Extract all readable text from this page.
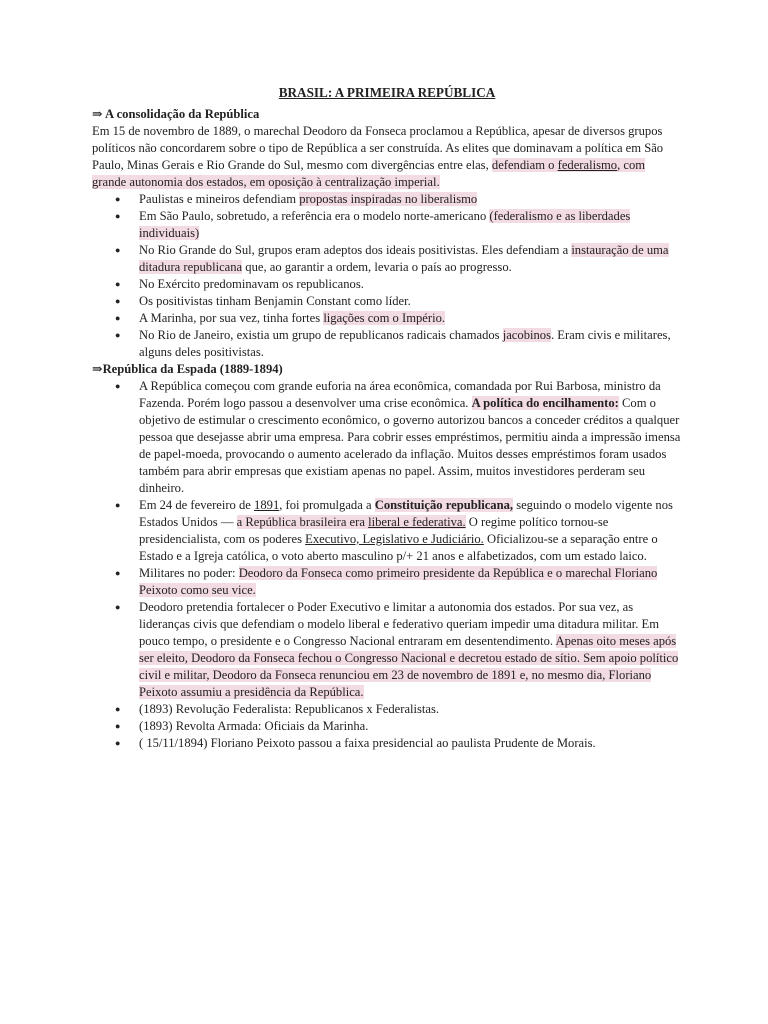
BRASIL: A PRIMEIRA REPÚBLICA
⇒ A consolidação da República

Em 15 de novembro de 1889, o marechal Deodoro da Fonseca proclamou a República, apesar de diversos grupos políticos não concordarem sobre o tipo de República a ser construída. As elites que dominavam a política em São Paulo, Minas Gerais e Rio Grande do Sul, mesmo com divergências entre elas, defendiam o federalismo, com grande autonomia dos estados, em oposição à centralização imperial.

● Paulistas e mineiros defendiam propostas inspiradas no liberalismo
● Em São Paulo, sobretudo, a referência era o modelo norte-americano (federalismo e as liberdades individuais)
● No Rio Grande do Sul, grupos eram adeptos dos ideais positivistas. Eles defendiam a instauração de uma ditadura republicana que, ao garantir a ordem, levaria o país ao progresso.
● No Exército predominavam os republicanos.
● Os positivistas tinham Benjamin Constant como líder.
● A Marinha, por sua vez, tinha fortes ligações com o Império.
● No Rio de Janeiro, existia um grupo de republicanos radicais chamados jacobinos. Eram civis e militares, alguns deles positivistas.
⇒República da Espada (1889-1894)
● A República começou com grande euforia na área econômica, comandada por Rui Barbosa, ministro da Fazenda. Porém logo passou a desenvolver uma crise econômica. A política do encilhamento: Com o objetivo de estimular o crescimento econômico, o governo autorizou bancos a conceder créditos a qualquer pessoa que desejasse abrir uma empresa. Para cobrir esses empréstimos, permitiu ainda a impressão imensa de papel-moeda, provocando o aumento acelerado da inflação. Muitos desses empréstimos foram usados também para abrir empresas que existiam apenas no papel. Assim, muitos investidores perderam seu dinheiro.
● Em 24 de fevereiro de 1891, foi promulgada a Constituição republicana, seguindo o modelo vigente nos Estados Unidos — a República brasileira era liberal e federativa. O regime político tornou-se presidencialista, com os poderes Executivo, Legislativo e Judiciário. Oficializou-se a separação entre o Estado e a Igreja católica, o voto aberto masculino p/+ 21 anos e alfabetizados, com um estado laico.
● Militares no poder: Deodoro da Fonseca como primeiro presidente da República e o marechal Floriano Peixoto como seu vice.
● Deodoro pretendia fortalecer o Poder Executivo e limitar a autonomia dos estados. Por sua vez, as lideranças civis que defendiam o modelo liberal e federativo queriam impedir uma ditadura militar. Em pouco tempo, o presidente e o Congresso Nacional entraram em desentendimento. Apenas oito meses após ser eleito, Deodoro da Fonseca fechou o Congresso Nacional e decretou estado de sítio. Sem apoio político civil e militar, Deodoro da Fonseca renunciou em 23 de novembro de 1891 e, no mesmo dia, Floriano Peixoto assumiu a presidência da República.
● (1893) Revolução Federalista: Republicanos x Federalistas.
● (1893) Revolta Armada: Oficiais da Marinha.
● ( 15/11/1894) Floriano Peixoto passou a faixa presidencial ao paulista Prudente de Morais.
